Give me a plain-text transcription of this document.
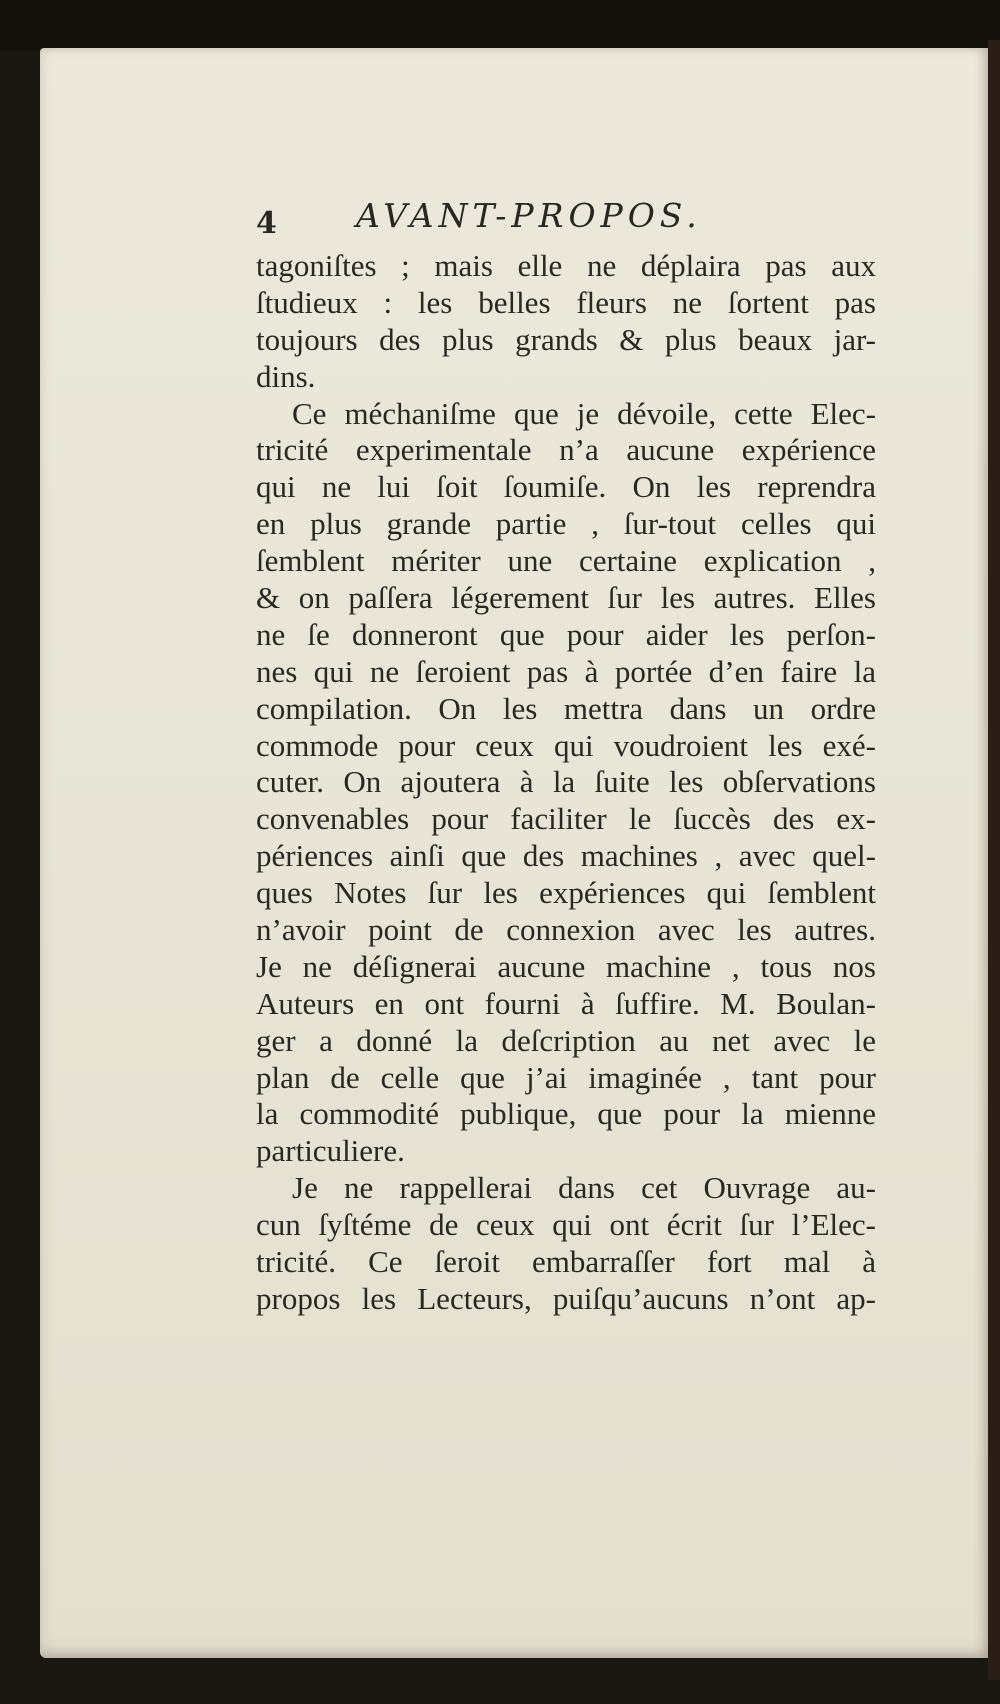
4 AVANT-PROPOS.
tagoniſtes ; mais elle ne déplaira pas aux
ſtudieux : les belles fleurs ne ſortent pas
toujours des plus grands & plus beaux jar-
dins.
Ce méchaniſme que je dévoile, cette Elec-
tricité experimentale n’a aucune expérience
qui ne lui ſoit ſoumiſe. On les reprendra
en plus grande partie , ſur-tout celles qui
ſemblent mériter une certaine explication ,
& on paſſera légerement ſur les autres. Elles
ne ſe donneront que pour aider les perſon-
nes qui ne ſeroient pas à portée d’en faire la
compilation. On les mettra dans un ordre
commode pour ceux qui voudroient les exé-
cuter. On ajoutera à la ſuite les obſervations
convenables pour faciliter le ſuccès des ex-
périences ainſi que des machines , avec quel-
ques Notes ſur les expériences qui ſemblent
n’avoir point de connexion avec les autres.
Je ne déſignerai aucune machine , tous nos
Auteurs en ont fourni à ſuffire. M. Boulan-
ger a donné la deſcription au net avec le
plan de celle que j’ai imaginée , tant pour
la commodité publique, que pour la mienne
particuliere.
Je ne rappellerai dans cet Ouvrage au-
cun ſyſtéme de ceux qui ont écrit ſur l’Elec-
tricité. Ce ſeroit embarraſſer fort mal à
propos les Lecteurs, puiſqu’aucuns n’ont ap-
